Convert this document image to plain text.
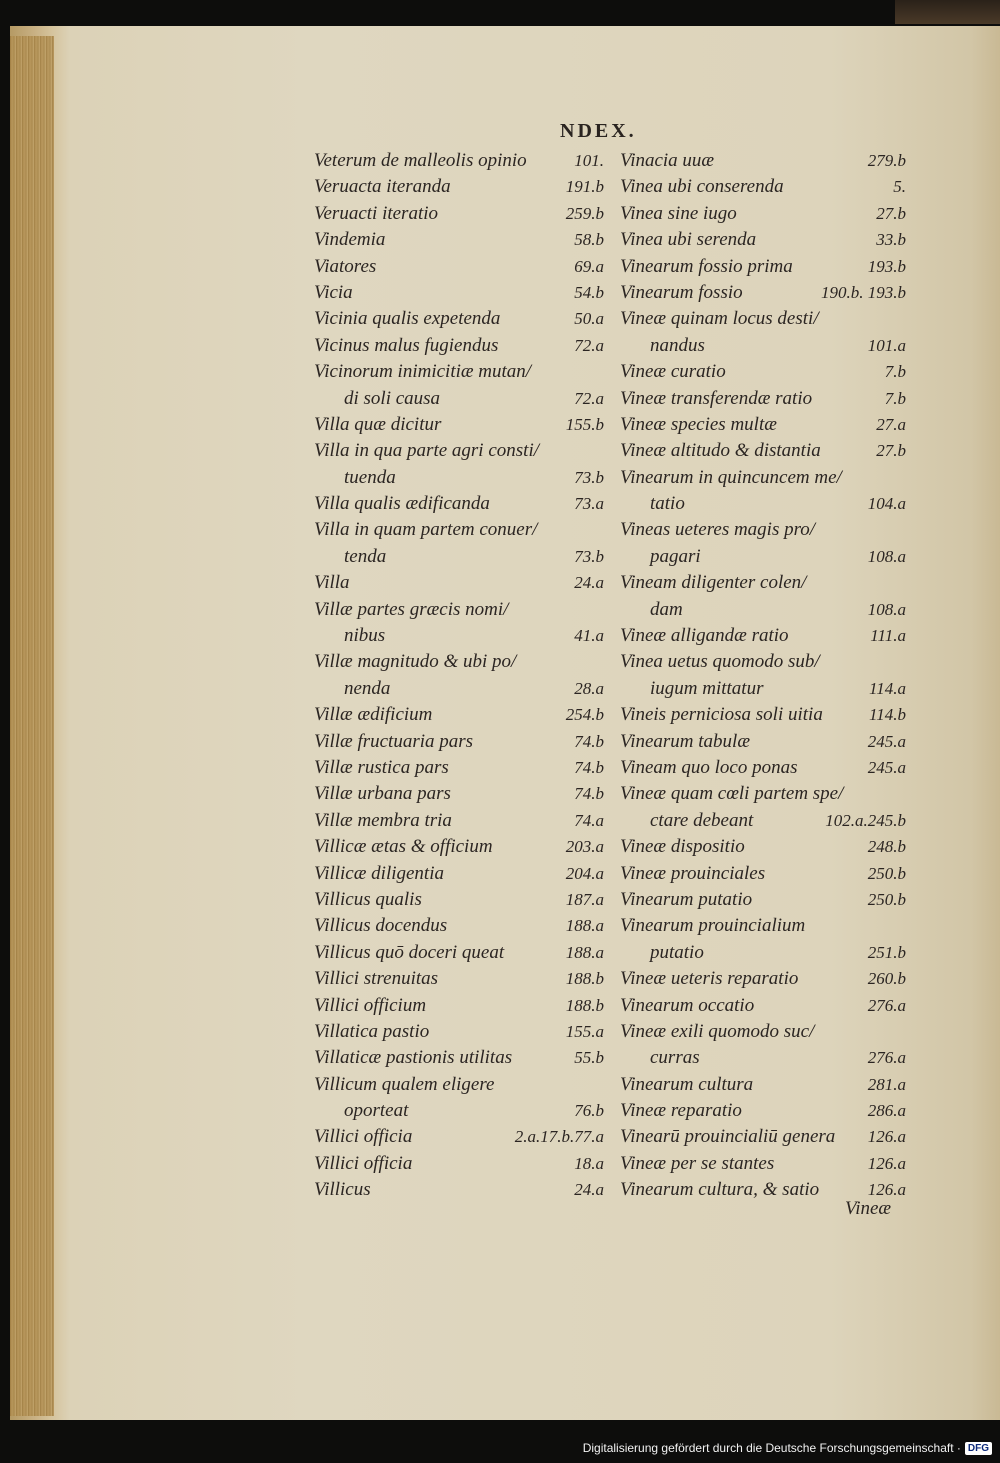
NDEX.
Veterum de malleolis opinio	101.
Veruacta iteranda	191.b
Veruacti iteratio	259.b
Vindemia	58.b
Viatores	69.a
Vicia	54.b
Vicinia qualis expetenda	50.a
Vicinus malus fugiendus	72.a
Vicinorum inimicitiæ mutan/
di soli causa	72.a
Villa quæ dicitur	155.b
Villa in qua parte agri consti/
tuenda	73.b
Villa qualis ædificanda	73.a
Villa in quam partem conuer/
tenda	73.b
Villa	24.a
Villæ partes græcis nomi/
nibus	41.a
Villæ magnitudo & ubi po/
nenda	28.a
Villæ ædificium	254.b
Villæ fructuaria pars	74.b
Villæ rustica pars	74.b
Villæ urbana pars	74.b
Villæ membra tria	74.a
Villicæ ætas & officium	203.a
Villicæ diligentia	204.a
Villicus qualis	187.a
Villicus docendus	188.a
Villicus quō doceri queat	188.a
Villici strenuitas	188.b
Villici officium	188.b
Villatica pastio	155.a
Villaticæ pastionis utilitas	55.b
Villicum qualem eligere
oporteat	76.b
Villici officia	2.a.17.b.77.a
Villici officia	18.a
Villicus	24.a
Vinacia uuæ	279.b
Vinea ubi conserenda	5.
Vinea sine iugo	27.b
Vinea ubi serenda	33.b
Vinearum fossio prima	193.b
Vinearum fossio	190.b. 193.b
Vineæ quinam locus desti/
nandus	101.a
Vineæ curatio	7.b
Vineæ transferendæ ratio	7.b
Vineæ species multæ	27.a
Vineæ altitudo & distantia	27.b
Vinearum in quincuncem me/
tatio	104.a
Vineas ueteres magis pro/
pagari	108.a
Vineam diligenter colen/
dam	108.a
Vineæ alligandæ ratio	111.a
Vinea uetus quomodo sub/
iugum mittatur	114.a
Vineis perniciosa soli uitia	114.b
Vinearum tabulæ	245.a
Vineam quo loco ponas	245.a
Vineæ quam cœli partem spe/
ctare debeant	102.a.245.b
Vineæ dispositio	248.b
Vineæ prouinciales	250.b
Vinearum putatio	250.b
Vinearum prouincialium
putatio	251.b
Vineæ ueteris reparatio	260.b
Vinearum occatio	276.a
Vineæ exili quomodo suc/
curras	276.a
Vinearum cultura	281.a
Vineæ reparatio	286.a
Vinearū prouincialiū genera	126.a
Vineæ per se stantes	126.a
Vinearum cultura, & satio	126.a
Vineæ
Digitalisierung gefördert durch die Deutsche Forschungsgemeinschaft · DFG
